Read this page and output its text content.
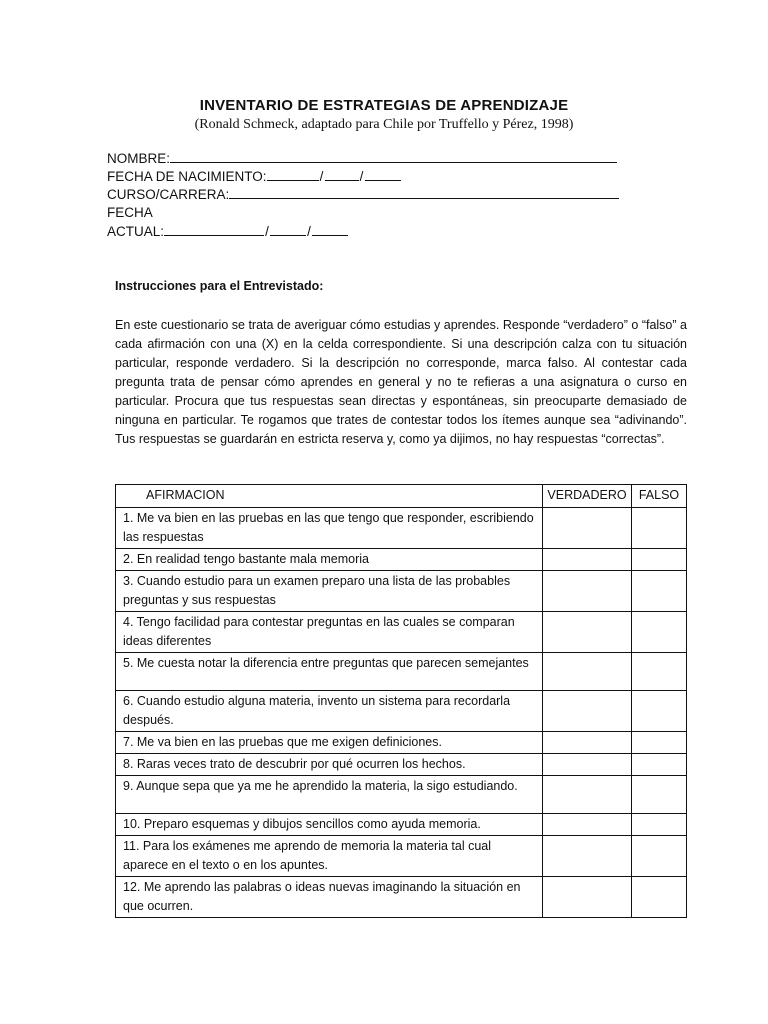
INVENTARIO DE ESTRATEGIAS DE APRENDIZAJE
(Ronald Schmeck, adaptado para Chile por Truffello y Pérez, 1998)
NOMBRE:
FECHA DE NACIMIENTO:	/	/
CURSO/CARRERA:
FECHA
ACTUAL:	/	/
Instrucciones para el Entrevistado:
En este cuestionario se trata de averiguar cómo estudias y aprendes. Responde “verdadero” o “falso” a cada afirmación con una (X) en la celda correspondiente. Si una descripción calza con tu situación particular, responde verdadero. Si la descripción no corresponde, marca falso. Al contestar cada pregunta trata de pensar cómo aprendes en general y no te refieras a una asignatura o curso en particular. Procura que tus respuestas sean directas y espontáneas, sin preocuparte demasiado de ninguna en particular. Te rogamos que trates de contestar todos los ítemes aunque sea “adivinando”. Tus respuestas se guardarán en estricta reserva y, como ya dijimos, no hay respuestas “correctas”.
AFIRMACION	VERDADERO	FALSO
1. Me va bien en las pruebas en las que tengo que responder, escribiendo las respuestas		
2. En realidad tengo bastante mala memoria		
3. Cuando estudio para un examen preparo una lista de las probables preguntas y sus respuestas		
4. Tengo facilidad para contestar preguntas en las cuales se comparan ideas diferentes		
5. Me cuesta notar la diferencia entre preguntas que parecen semejantes		
6. Cuando estudio alguna materia, invento un sistema para recordarla después.		
7. Me va bien en las pruebas que me exigen definiciones.		
8. Raras veces trato de descubrir por qué ocurren los hechos.		
9. Aunque sepa que ya me he aprendido la materia, la sigo estudiando.		
10. Preparo esquemas y dibujos sencillos como ayuda memoria.		
11. Para los exámenes me aprendo de memoria la materia tal cual aparece en el texto o en los apuntes.		
12. Me aprendo las palabras o ideas nuevas imaginando la situación en que ocurren.		
